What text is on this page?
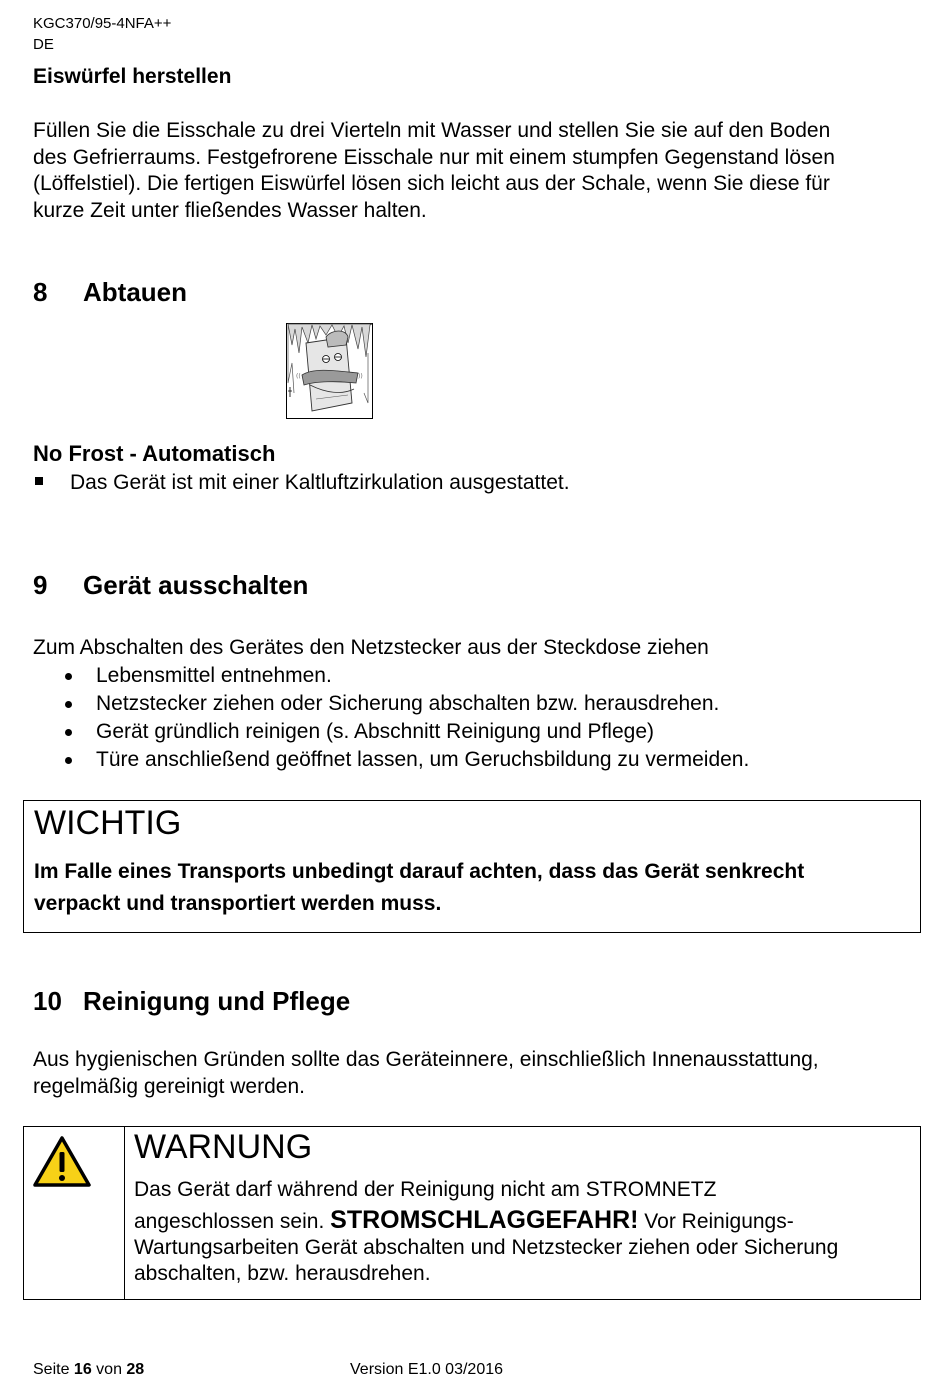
KGC370/95-4NFA++
DE
Eiswürfel herstellen
Füllen Sie die Eisschale zu drei Vierteln mit Wasser und stellen Sie sie auf den Boden
des Gefrierraums. Festgefrorene Eisschale nur mit einem stumpfen Gegenstand lösen
(Löffelstiel). Die fertigen Eiswürfel lösen sich leicht aus der Schale, wenn Sie diese für
kurze Zeit unter fließendes Wasser halten.
8 Abtauen
((	))
No Frost - Automatisch
Das Gerät ist mit einer Kaltluftzirkulation ausgestattet.
9 Gerät ausschalten
Zum Abschalten des Gerätes den Netzstecker aus der Steckdose ziehen
Lebensmittel entnehmen.
Netzstecker ziehen oder Sicherung abschalten bzw. herausdrehen.
Gerät gründlich reinigen (s. Abschnitt Reinigung und Pflege)
Türe anschließend geöffnet lassen, um Geruchsbildung zu vermeiden.
WICHTIG
Im Falle eines Transports unbedingt darauf achten, dass das Gerät senkrecht
verpackt und transportiert werden muss.
10 Reinigung und Pflege
Aus hygienischen Gründen sollte das Geräteinnere, einschließlich Innenausstattung,
regelmäßig gereinigt werden.
WARNUNG
Das Gerät darf während der Reinigung nicht am STROMNETZ
angeschlossen sein. STROMSCHLAGGEFAHR! Vor Reinigungs-
Wartungsarbeiten Gerät abschalten und Netzstecker ziehen oder Sicherung
abschalten, bzw. herausdrehen.
Seite 16 von 28	Version E1.0 03/2016
